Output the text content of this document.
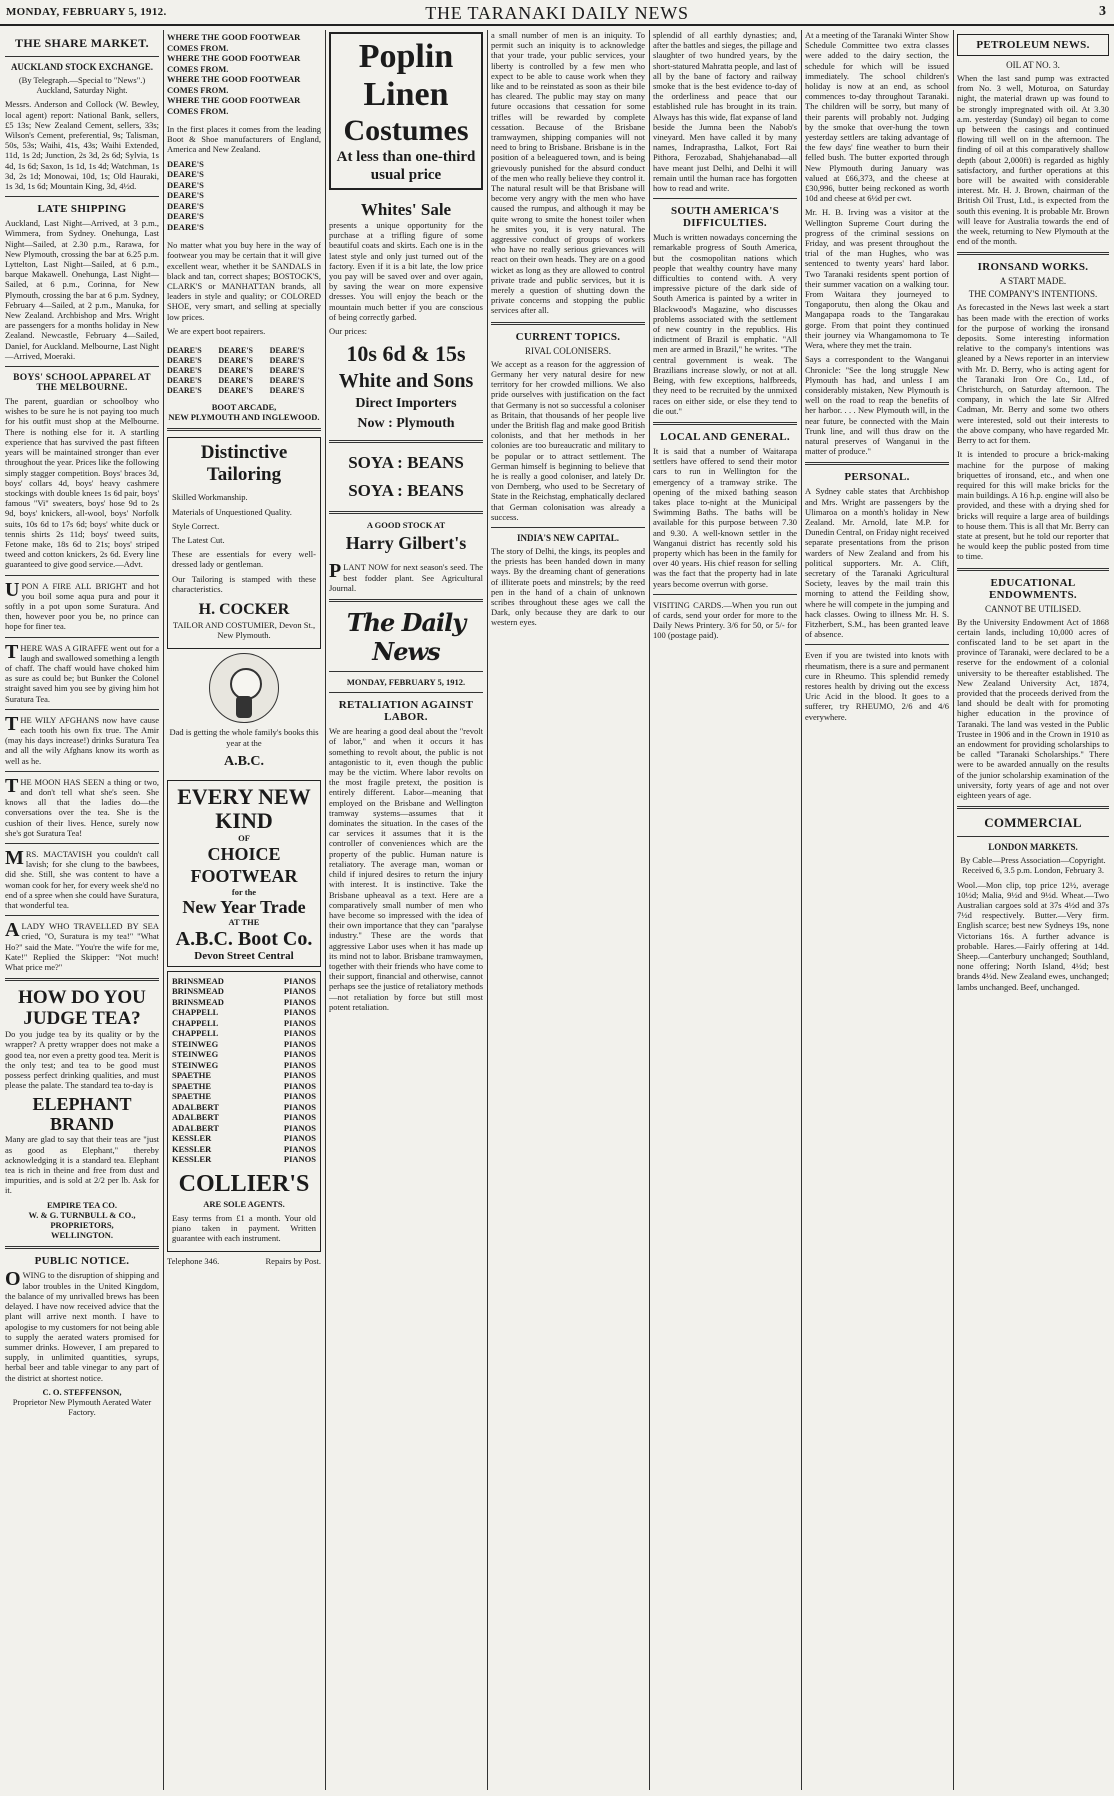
MONDAY, FEBRUARY 5, 1912.	THE TARANAKI DAILY NEWS	3
THE SHARE MARKET.
AUCKLAND STOCK EXCHANGE.
(By Telegraph.—Special to "News".) Auckland, Saturday Night.
Messrs. Anderson and Collock (W. Bewley, local agent) report: National Bank, sellers, £5 13s; New Zealand Cement, sellers, 33s; Wilson's Cement, preferential, 9s; Talisman, 50s, 53s; Waihi, 41s, 43s; Waihi Extended, 11d, 1s 2d; Junction, 2s 3d, 2s 6d; Sylvia, 1s 4d, 1s 6d; Saxon, 1s 1d, 1s 4d; Watchman, 1s 3d, 2s 1d; Monowai, 10d, 1s; Old Hauraki, 1s 3d, 1s 6d; Mountain King, 3d, 4½d.
LATE SHIPPING
Auckland, Last Night—Arrived, at 3 p.m., Wimmera, from Sydney. Onehunga, Last Night—Sailed, at 2.30 p.m., Rarawa, for New Plymouth, crossing the bar at 6.25 p.m. Lyttelton, Last Night—Sailed, at 6 p.m., barque Makawell. Onehunga, Last Night—Sailed, at 6 p.m., Corinna, for New Plymouth, crossing the bar at 6 p.m. Sydney, February 4—Sailed, at 2 p.m., Manuka, for New Zealand. Archbishop and Mrs. Wright are passengers for a months holiday in New Zealand. Newcastle, February 4—Sailed, Daniel, for Auckland. Melbourne, Last Night—Arrived, Moeraki.
BOYS' SCHOOL APPAREL AT THE MELBOURNE.
The parent, guardian or schoolboy who wishes to be sure he is not paying too much for his outfit must shop at the Melbourne. There is nothing else for it. A startling experience that has survived the past fifteen years will be maintained stronger than ever throughout the year. Prices like the following simply stagger competition. Boys' braces 3d, boys' collars 4d, boys' heavy cashmere stockings with double knees 1s 6d pair, boys' famous "Vi" sweaters, boys' hose 9d to 2s 9d, boys' knickers, all-wool, boys' Norfolk suits, 10s 6d to 17s 6d; boys' white duck or tennis shirts 2s 11d; boys' tweed suits, Fetone make, 18s 6d to 21s; boys' striped tweed and cotton knickers, 2s 6d. Every line guaranteed to give good service.—Advt.
UPON A FIRE ALL BRIGHT and hot you boil some aqua pura and pour it softly in a pot upon some Suratura. And then, however poor you be, no prince can hope for finer tea.
THERE WAS A GIRAFFE went out for a laugh and swallowed something a length of chaff. The chaff would have choked him as sure as could be; but Bunker the Colonel straight saved him you see by giving him hot Suratura Tea.
THE WILY AFGHANS now have cause each tooth his own fix true. The Amir (may his days increase!) drinks Suratura Tea and all the wily Afghans know its worth as well as he.
THE MOON HAS SEEN a thing or two, and don't tell what she's seen. She knows all that the ladies do—the conversations over the tea. She is the cushion of their lives. Hence, surely now she's got Suratura Tea!
MRS. MACTAVISH you couldn't call lavish; for she clung to the bawbees, did she. Still, she was content to have a woman cook for her, for every week she'd no end of a spree when she could have Suratura, that wonderful tea.
ALADY WHO TRAVELLED BY SEA cried, "O, Suratura is my tea!" "What Ho?" said the Mate. "You're the wife for me, Kate!" Replied the Skipper: "Not much! What price me?"
HOW DO YOU JUDGE TEA?
Do you judge tea by its quality or by the wrapper? A pretty wrapper does not make a good tea, nor even a pretty good tea. Merit is the only test; and tea to be good must possess perfect drinking qualities, and must please the palate. The standard tea to-day is
ELEPHANT BRAND
Many are glad to say that their teas are "just as good as Elephant," thereby acknowledging it is a standard tea. Elephant tea is rich in theine and free from dust and impurities, and is sold at 2/2 per lb. Ask for it.
EMPIRE TEA CO.
W. & G. TURNBULL & CO.,
PROPRIETORS,
WELLINGTON.
PUBLIC NOTICE.
OWING to the disruption of shipping and labor troubles in the United Kingdom, the balance of my unrivalled brews has been delayed. I have now received advice that the plant will arrive next month. I have to apologise to my customers for not being able to supply the aerated waters promised for summer drinks. However, I am prepared to supply, in unlimited quantities, syrups, herbal beer and table vinegar to any part of the district at shortest notice.
C. O. STEFFENSON,
Proprietor New Plymouth Aerated Water Factory.
WHERE THE GOOD FOOTWEAR COMES FROM.
WHERE THE GOOD FOOTWEAR COMES FROM.
WHERE THE GOOD FOOTWEAR COMES FROM.
WHERE THE GOOD FOOTWEAR COMES FROM.
In the first places it comes from the leading Boot & Shoe manufacturers of England, America and New Zealand.
DEARE'S
DEARE'S
DEARE'S
DEARE'S
DEARE'S
DEARE'S
DEARE'S
No matter what you buy here in the way of footwear you may be certain that it will give excellent wear, whether it be SANDALS in black and tan, correct shapes; BOSTOCK'S, CLARK'S or MANHATTAN brands, all leaders in style and quality; or COLORED SHOE, very smart, and selling at specially low prices.
We are expert boot repairers.
DEARE'S	DEARE'S	DEARE'S
DEARE'S	DEARE'S	DEARE'S
DEARE'S	DEARE'S	DEARE'S
DEARE'S	DEARE'S	DEARE'S
DEARE'S	DEARE'S	DEARE'S
BOOT ARCADE,
NEW PLYMOUTH AND INGLEWOOD.
Distinctive Tailoring
Skilled Workmanship.
Materials of Unquestioned Quality.
Style Correct.
The Latest Cut.
These are essentials for every well-dressed lady or gentleman.
Our Tailoring is stamped with these characteristics.
H. COCKER
TAILOR AND COSTUMIER, Devon St., New Plymouth.
Dad is getting the whole family's books this year at the
A.B.C.
EVERY NEW KIND
OF
CHOICE FOOTWEAR
for the
New Year Trade
AT THE
A.B.C. Boot Co.
Devon Street Central
BRINSMEAD	PIANOS
BRINSMEAD	PIANOS
BRINSMEAD	PIANOS
CHAPPELL	PIANOS
CHAPPELL	PIANOS
CHAPPELL	PIANOS
STEINWEG	PIANOS
STEINWEG	PIANOS
STEINWEG	PIANOS
SPAETHE	PIANOS
SPAETHE	PIANOS
SPAETHE	PIANOS
ADALBERT	PIANOS
ADALBERT	PIANOS
ADALBERT	PIANOS
KESSLER	PIANOS
KESSLER	PIANOS
KESSLER	PIANOS
COLLIER'S
ARE SOLE AGENTS.
Easy terms from £1 a month. Your old piano taken in payment. Written guarantee with each instrument.
Telephone 346.	Repairs by Post.
Poplin
Linen
Costumes
At less than one-third usual price
Whites' Sale
presents a unique opportunity for the purchase at a trifling figure of some beautiful coats and skirts. Each one is in the latest style and only just turned out of the factory. Even if it is a bit late, the low price you pay will be saved over and over again, by saving the wear on more expensive dresses. You will enjoy the beach or the mountain much better if you are conscious of being correctly garbed.
Our prices:
10s 6d & 15s
White and Sons
Direct Importers
Now : Plymouth
SOYA : BEANS
SOYA : BEANS
A GOOD STOCK AT
Harry Gilbert's
PLANT NOW for next season's seed. The best fodder plant. See Agricultural Journal.
The Daily News
MONDAY, FEBRUARY 5, 1912.
RETALIATION AGAINST LABOR.
We are hearing a good deal about the "revolt of labor," and when it occurs it has something to revolt about, the public is not antagonistic to it, even though the public may be the victim. Where labor revolts on the most fragile pretext, the position is entirely different. Labor—meaning that employed on the Brisbane and Wellington tramway systems—assumes that it dominates the situation. In the cases of the car services it assumes that it is the controller of conveniences which are the property of the public. Human nature is retaliatory. The average man, woman or child if injured desires to return the injury with interest. It is instinctive. Take the Brisbane upheaval as a text. Here are a comparatively small number of men who have become so impressed with the idea of their own importance that they can "paralyse industry." These are the words that aggressive Labor uses when it has made up its mind not to labor. Brisbane tramwaymen, together with their friends who have come to their support, financial and otherwise, cannot perhaps see the justice of retaliatory methods—not retaliation by force but still most potent retaliation.
a small number of men is an iniquity. To permit such an iniquity is to acknowledge that your trade, your public services, your liberty is controlled by a few men who expect to be able to cause work when they like and to be reinstated as soon as their bile has cleared. The public may stay on many future occasions that cessation for some trifles will be rewarded by complete cessation. Because of the Brisbane tramwaymen, shipping companies will not need to bring to Brisbane. Brisbane is in the position of a beleaguered town, and is being grievously punished for the absurd conduct of the men who really believe they control it. The natural result will be that Brisbane will become very angry with the men who have caused the rumpus, and although it may be quite wrong to smite the honest toiler when he smites you, it is very natural. The aggressive conduct of groups of workers who have no really serious grievances will react on their own heads. They are on a good wicket as long as they are allowed to control private trade and public services, but it is merely a question of shutting down the private concerns and stopping the public services after all.
CURRENT TOPICS.
RIVAL COLONISERS.
We accept as a reason for the aggression of Germany her very natural desire for new territory for her crowded millions. We also pride ourselves with justification on the fact that Germany is not so successful a coloniser as Britain, that thousands of her people live under the British flag and make good British colonists, and that her methods in her colonies are too bureaucratic and military to be popular or to attract settlement. The German himself is beginning to believe that he is really a good coloniser, and lately Dr. von Dernberg, who used to be Secretary of State in the Reichstag, emphatically declared that German colonisation was already a success.
INDIA'S NEW CAPITAL.
The story of Delhi, the kings, its peoples and the priests has been handed down in many ways. By the dreaming chant of generations of illiterate poets and minstrels; by the reed pen in the hand of a chain of unknown scribes throughout these ages we call the Dark, only because they are dark to our western eyes.
splendid of all earthly dynasties; and, after the battles and sieges, the pillage and slaughter of two hundred years, by the short-statured Mahratta people, and last of all by the bane of factory and railway smoke that is the best evidence to-day of the orderliness and peace that our established rule has brought in its train. Always has this wide, flat expanse of land beside the Jumna been the Nabob's vineyard. Men have called it by many names, Indraprastha, Lalkot, Fort Rai Pithora, Ferozabad, Shahjehanabad—all have meant just Delhi, and Delhi it will remain until the human race has forgotten how to read and write.
SOUTH AMERICA'S DIFFICULTIES.
Much is written nowadays concerning the remarkable progress of South America, but the cosmopolitan nations which people that wealthy country have many difficulties to contend with. A very impressive picture of the dark side of South America is painted by a writer in Blackwood's Magazine, who discusses problems associated with the settlement of new country in the republics. His indictment of Brazil is emphatic. "All men are armed in Brazil," he writes. "The central government is weak. The Brazilians increase slowly, or not at all. Being, with few exceptions, halfbreeds, they need to be recruited by the unmixed races on either side, or else they tend to die out."
LOCAL AND GENERAL.
It is said that a number of Waitarapa settlers have offered to send their motor cars to run in Wellington for the emergency of a tramway strike. The opening of the mixed bathing season takes place to-night at the Municipal Swimming Baths. The baths will be available for this purpose between 7.30 and 9.30. A well-known settler in the Wanganui district has recently sold his property which has been in the family for over 40 years. His chief reason for selling was the fact that the property had in late years become overrun with gorse.
VISITING CARDS.—When you run out of cards, send your order for more to the Daily News Printery. 3/6 for 50, or 5/- for 100 (postage paid).
At a meeting of the Taranaki Winter Show Schedule Committee two extra classes were added to the dairy section, the schedule for which will be issued immediately. The school children's holiday is now at an end, as school commences to-day throughout Taranaki. The children will be sorry, but many of their parents will probably not. Judging by the smoke that over-hung the town yesterday settlers are taking advantage of the few days' fine weather to burn their felled bush. The butter exported through New Plymouth during January was valued at £66,373, and the cheese at £30,996, butter being reckoned as worth 10d and cheese at 6½d per cwt.
Mr. H. B. Irving was a visitor at the Wellington Supreme Court during the progress of the criminal sessions on Friday, and was present throughout the trial of the man Hughes, who was sentenced to twenty years' hard labor. Two Taranaki residents spent portion of their summer vacation on a walking tour. From Waitara they journeyed to Tongaporutu, then along the Okau and Mangapapa roads to the Tangarakau gorge. From that point they continued their journey via Whangamomona to Te Wera, where they met the train.
Says a correspondent to the Wanganui Chronicle: "See the long struggle New Plymouth has had, and unless I am considerably mistaken, New Plymouth is well on the road to reap the benefits of her harbor. . . . New Plymouth will, in the near future, be connected with the Main Trunk line, and will thus draw on the natural preserves of Wanganui in the matter of produce."
PERSONAL.
A Sydney cable states that Archbishop and Mrs. Wright are passengers by the Ulimaroa on a month's holiday in New Zealand. Mr. Arnold, late M.P. for Dunedin Central, on Friday night received separate presentations from the prison warders of New Zealand and from his political supporters. Mr. A. Clift, secretary of the Taranaki Agricultural Society, leaves by the mail train this morning to attend the Feilding show, where he will compete in the jumping and hack classes. Owing to illness Mr. H. S. Fitzherbert, S.M., has been granted leave of absence.
Even if you are twisted into knots with rheumatism, there is a sure and permanent cure in Rheumo. This splendid remedy restores health by driving out the excess Uric Acid in the blood. It goes to a sufferer, try RHEUMO, 2/6 and 4/6 everywhere.
PETROLEUM NEWS.
OIL AT NO. 3.
When the last sand pump was extracted from No. 3 well, Moturoa, on Saturday night, the material drawn up was found to be strongly impregnated with oil. At 3.30 a.m. yesterday (Sunday) oil began to come up between the casings and continued flowing till well on in the afternoon. The finding of oil at this comparatively shallow depth (about 2,000ft) is regarded as highly satisfactory, and further operations at this bore will be awaited with considerable interest. Mr. H. J. Brown, chairman of the British Oil Trust, Ltd., is expected from the south this evening. It is probable Mr. Brown will leave for Australia towards the end of the week, returning to New Plymouth at the end of the month.
IRONSAND WORKS.
A START MADE.
THE COMPANY'S INTENTIONS.
As forecasted in the News last week a start has been made with the erection of works for the purpose of working the ironsand deposits. Some interesting information relative to the company's intentions was gleaned by a News reporter in an interview with Mr. D. Berry, who is acting agent for the Taranaki Iron Ore Co., Ltd., of Christchurch, on Saturday afternoon. The company, in which the late Sir Alfred Cadman, Mr. Berry and some two others were interested, sold out their interests to the above company, who have regarded Mr. Berry to act for them.
It is intended to procure a brick-making machine for the purpose of making briquettes of ironsand, etc., and when one required for this will make bricks for the main buildings. A 16 h.p. engine will also be provided, and these with a drying shed for bricks will require a large area of buildings to house them. This is all that Mr. Berry can state at present, but he told our reporter that he would keep the public posted from time to time.
EDUCATIONAL ENDOWMENTS.
CANNOT BE UTILISED.
By the University Endowment Act of 1868 certain lands, including 10,000 acres of confiscated land to be set apart in the province of Taranaki, were declared to be a reserve for the endowment of a colonial university to be thereafter established. The New Zealand University Act, 1874, provided that the proceeds derived from the land should be dealt with for promoting higher education in the province of Taranaki. The land was vested in the Public Trustee in 1906 and in the Crown in 1910 as an endowment for providing scholarships to be called "Taranaki Scholarships." There were to be awarded annually on the results of the junior scholarship examination of the university, forty years of age and not over eighteen years of age.
COMMERCIAL
LONDON MARKETS.
By Cable—Press Association—Copyright. Received 6, 3.5 p.m. London, February 3.
Wool.—Mon clip, top price 12½, average 10½d; Malia, 9½d and 9½d. Wheat.—Two Australian cargoes sold at 37s 4½d and 37s 7½d respectively. Butter.—Very firm. English scarce; best new Sydneys 19s, none Victorians 16s. A further advance is probable. Hares.—Fairly offering at 14d. Sheep.—Canterbury unchanged; Southland, none offering; North Island, 4½d; best brands 4½d. New Zealand ewes, unchanged; lambs unchanged. Beef, unchanged.
